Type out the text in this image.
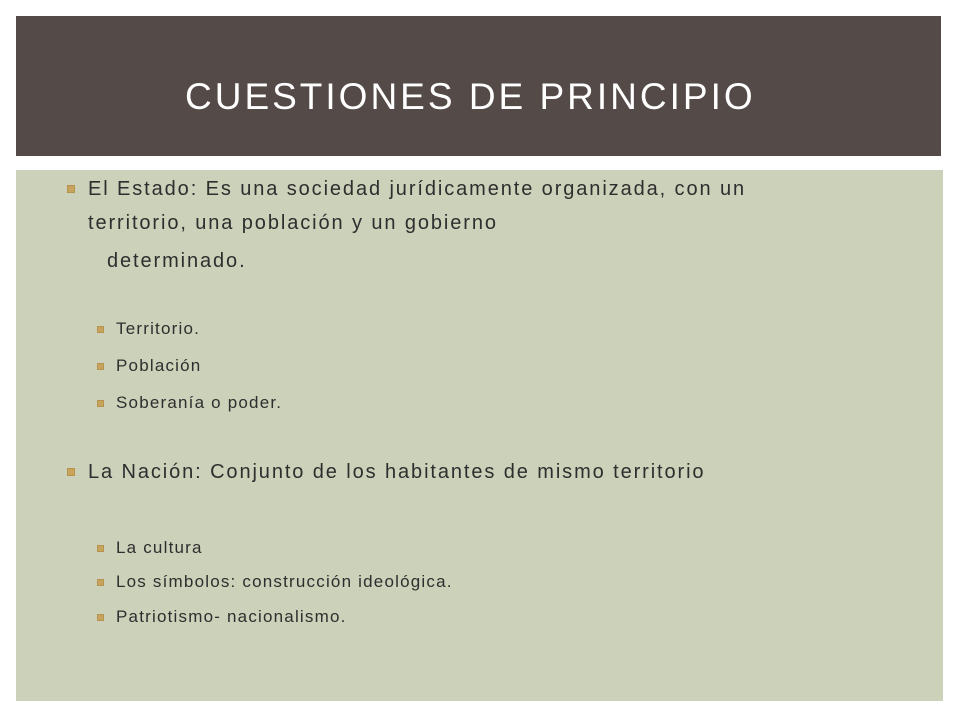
CUESTIONES DE PRINCIPIO
El Estado: Es una sociedad jurídicamente organizada, con un
territorio, una población y un gobierno
determinado.
Territorio.
Población
Soberanía o poder.
La Nación: Conjunto de los habitantes de mismo territorio
La cultura
Los símbolos: construcción ideológica.
Patriotismo- nacionalismo.
